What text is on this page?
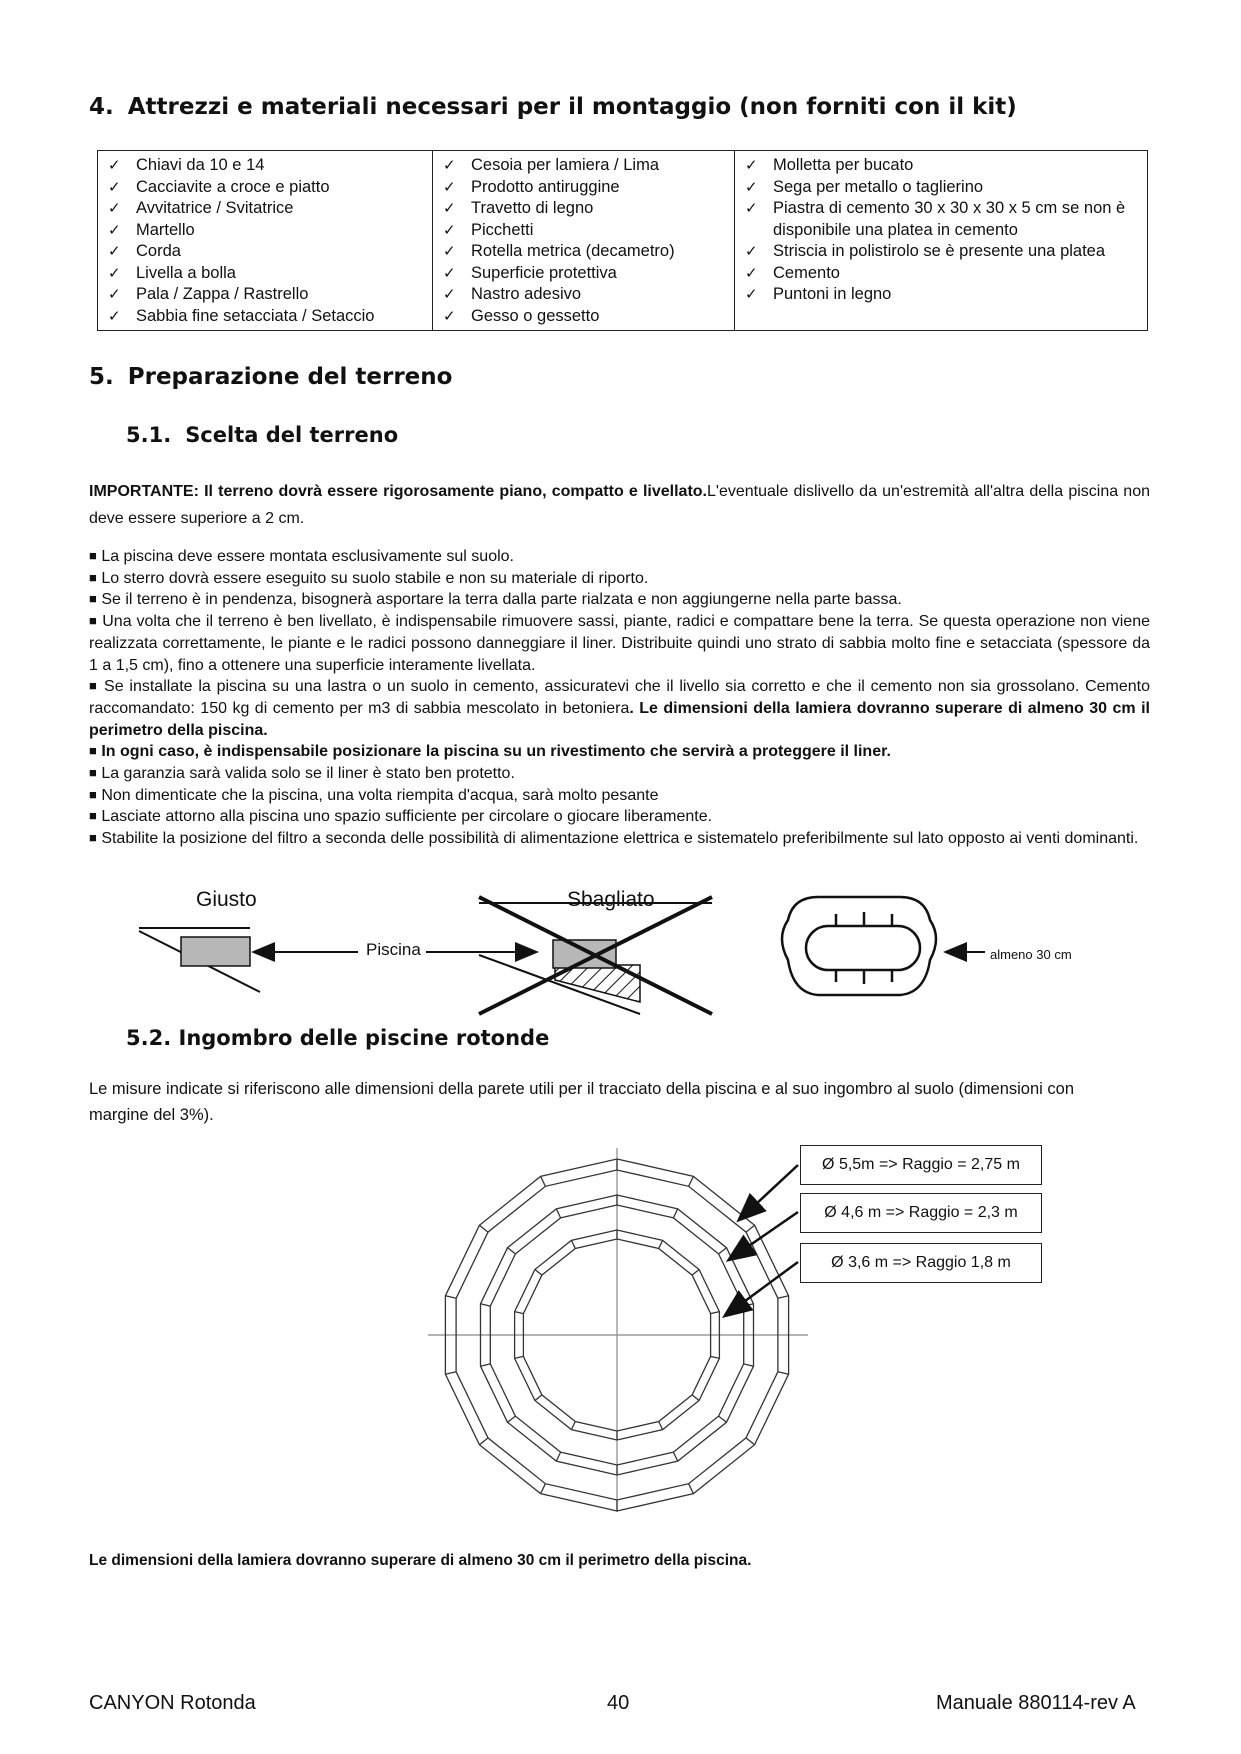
4. Attrezzi e materiali necessari per il montaggio (non forniti con il kit)
✓ Chiavi da 10 e 14
✓ Cacciavite a croce e piatto
✓ Avvitatrice / Svitatrice
✓ Martello
✓ Corda
✓ Livella a bolla
✓ Pala / Zappa / Rastrello
✓ Sabbia fine setacciata / Setaccio

✓ Cesoia per lamiera / Lima
✓ Prodotto antiruggine
✓ Travetto di legno
✓ Picchetti
✓ Rotella metrica (decametro)
✓ Superficie protettiva
✓ Nastro adesivo
✓ Gesso o gessetto

✓ Molletta per bucato
✓ Sega per metallo o taglierino
✓ Piastra di cemento 30 x 30 x 30 x 5 cm se non è disponibile una platea in cemento
✓ Striscia in polistirolo se è presente una platea
✓ Cemento
✓ Puntoni in legno
5. Preparazione del terreno
5.1. Scelta del terreno
IMPORTANTE: Il terreno dovrà essere rigorosamente piano, compatto e livellato.L'eventuale dislivello da un'estremità all'altra della piscina non deve essere superiore a 2 cm.

■ La piscina deve essere montata esclusivamente sul suolo.

■ Lo sterro dovrà essere eseguito su suolo stabile e non su materiale di riporto.

■ Se il terreno è in pendenza, bisognerà asportare la terra dalla parte rialzata e non aggiungerne nella parte bassa.

■ Una volta che il terreno è ben livellato, è indispensabile rimuovere sassi, piante, radici e compattare bene la terra. Se questa operazione non viene realizzata correttamente, le piante e le radici possono danneggiare il liner. Distribuite quindi uno strato di sabbia molto fine e setacciata (spessore da 1 a 1,5 cm), fino a ottenere una superficie interamente livellata.

■ Se installate la piscina su una lastra o un suolo in cemento, assicuratevi che il livello sia corretto e che il cemento non sia grossolano. Cemento raccomandato: 150 kg di cemento per m3 di sabbia mescolato in betoniera. Le dimensioni della lamiera dovranno superare di almeno 30 cm il perimetro della piscina.

■ In ogni caso, è indispensabile posizionare la piscina su un rivestimento che servirà a proteggere il liner.

■ La garanzia sarà valida solo se il liner è stato ben protetto.

■ Non dimenticate che la piscina, una volta riempita d'acqua, sarà molto pesante

■ Lasciate attorno alla piscina uno spazio sufficiente per circolare o giocare liberamente.

■ Stabilite la posizione del filtro a seconda delle possibilità di alimentazione elettrica e sistematelo preferibilmente sul lato opposto ai venti dominanti.

Giusto	Sbagliato
Piscina	almeno 30 cm
5.2. Ingombro delle piscine rotonde
Le misure indicate si riferiscono alle dimensioni della parete utili per il tracciato della piscina e al suo ingombro al suolo (dimensioni con margine del 3%).
Ø 5,5m => Raggio = 2,75 m
Ø 4,6 m => Raggio = 2,3 m
Ø 3,6 m => Raggio 1,8 m
Le dimensioni della lamiera dovranno superare di almeno 30 cm il perimetro della piscina.
CANYON Rotonda	40	Manuale 880114-rev A
